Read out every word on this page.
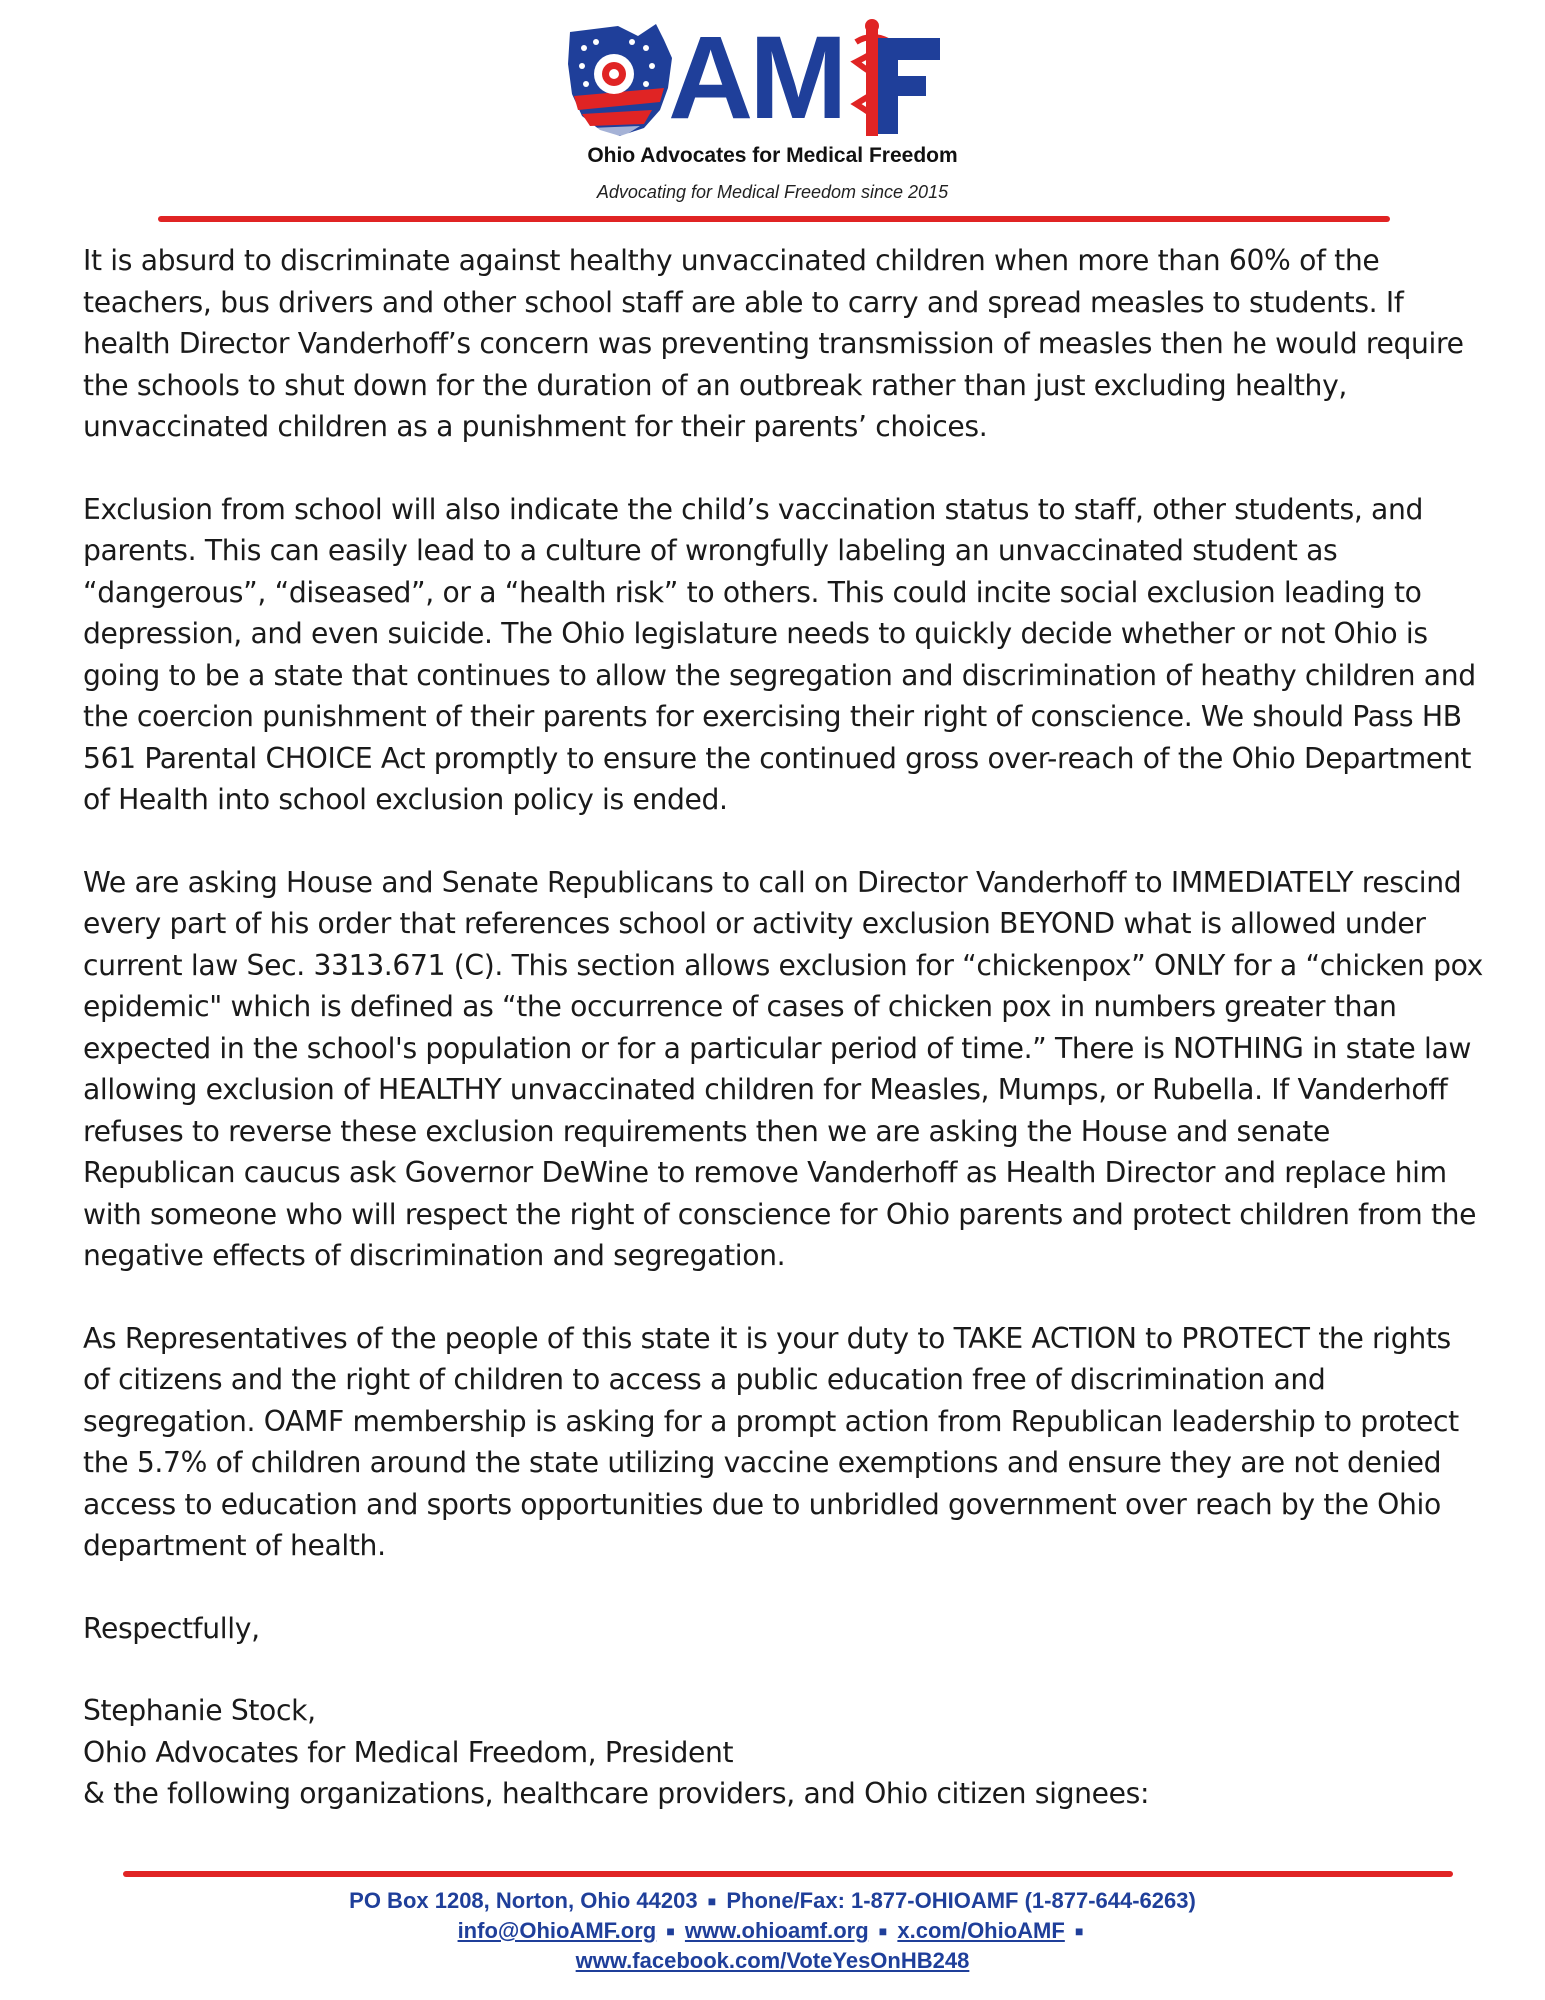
AM
Ohio Advocates for Medical Freedom
Advocating for Medical Freedom since 2015

It is absurd to discriminate against healthy unvaccinated children when more than 60% of the teachers, bus drivers and other school staff are able to carry and spread measles to students. If health Director Vanderhoff’s concern was preventing transmission of measles then he would require the schools to shut down for the duration of an outbreak rather than just excluding healthy, unvaccinated children as a punishment for their parents’ choices.

Exclusion from school will also indicate the child’s vaccination status to staff, other students, and parents. This can easily lead to a culture of wrongfully labeling an unvaccinated student as “dangerous”, “diseased”, or a “health risk” to others. This could incite social exclusion leading to depression, and even suicide. The Ohio legislature needs to quickly decide whether or not Ohio is going to be a state that continues to allow the segregation and discrimination of heathy children and the coercion punishment of their parents for exercising their right of conscience. We should Pass HB 561 Parental CHOICE Act promptly to ensure the continued gross over-reach of the Ohio Department of Health into school exclusion policy is ended.

We are asking House and Senate Republicans to call on Director Vanderhoff to IMMEDIATELY rescind every part of his order that references school or activity exclusion BEYOND what is allowed under current law Sec. 3313.671 (C). This section allows exclusion for “chickenpox” ONLY for a “chicken pox epidemic" which is defined as “the occurrence of cases of chicken pox in numbers greater than expected in the school's population or for a particular period of time.” There is NOTHING in state law allowing exclusion of HEALTHY unvaccinated children for Measles, Mumps, or Rubella. If Vanderhoff refuses to reverse these exclusion requirements then we are asking the House and senate Republican caucus ask Governor DeWine to remove Vanderhoff as Health Director and replace him with someone who will respect the right of conscience for Ohio parents and protect children from the negative effects of discrimination and segregation.

As Representatives of the people of this state it is your duty to TAKE ACTION to PROTECT the rights of citizens and the right of children to access a public education free of discrimination and segregation. OAMF membership is asking for a prompt action from Republican leadership to protect the 5.7% of children around the state utilizing vaccine exemptions and ensure they are not denied access to education and sports opportunities due to unbridled government over reach by the Ohio department of health.

Respectfully,

Stephanie Stock,

Ohio Advocates for Medical Freedom, President

& the following organizations, healthcare providers, and Ohio citizen signees:

PO Box 1208, Norton, Ohio 44203 ■ Phone/Fax: 1-877-OHIOAMF (1-877-644-6263)
info@OhioAMF.org ■ www.ohioamf.org ■ x.com/OhioAMF ■
www.facebook.com/VoteYesOnHB248
